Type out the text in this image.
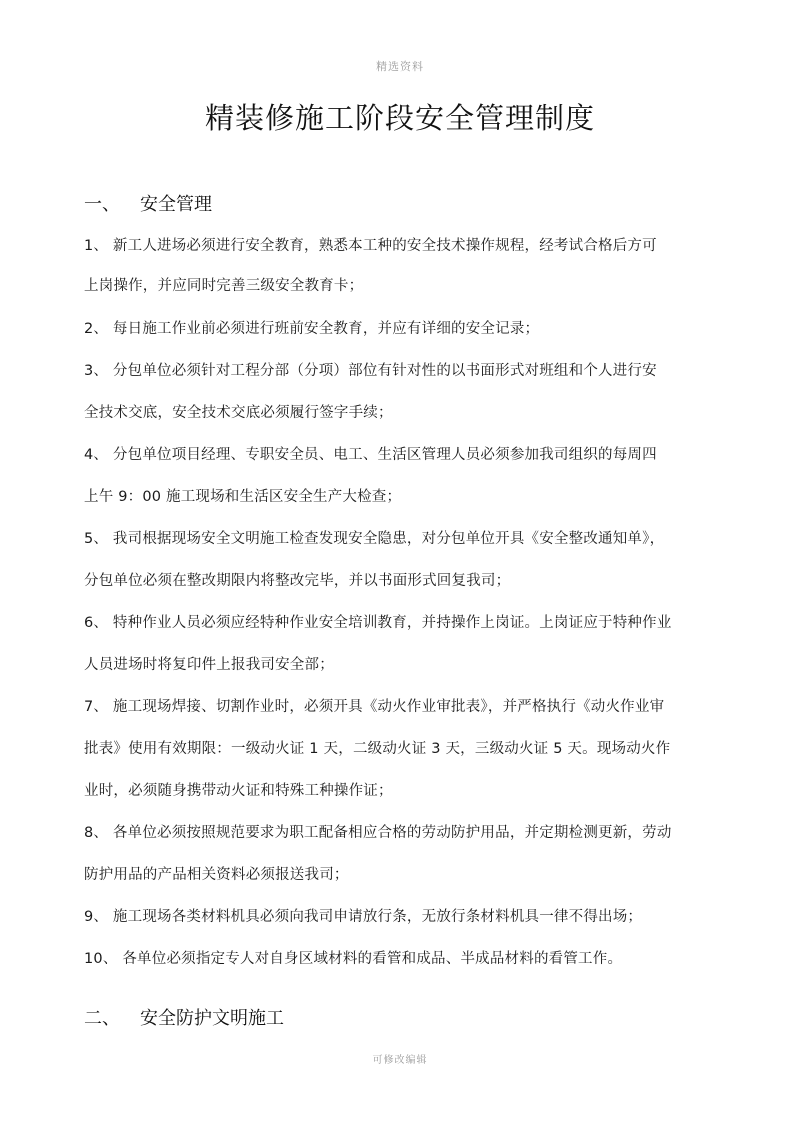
精选资料
精装修施工阶段安全管理制度
一、 安全管理
1、 新工人进场必须进行安全教育，熟悉本工种的安全技术操作规程，经考试合格后方可
上岗操作，并应同时完善三级安全教育卡；
2、 每日施工作业前必须进行班前安全教育，并应有详细的安全记录；
3、 分包单位必须针对工程分部（分项）部位有针对性的以书面形式对班组和个人进行安
全技术交底，安全技术交底必须履行签字手续；
4、 分包单位项目经理、专职安全员、电工、生活区管理人员必须参加我司组织的每周四
上午 9：00 施工现场和生活区安全生产大检查；
5、 我司根据现场安全文明施工检查发现安全隐患，对分包单位开具《安全整改通知单》，
分包单位必须在整改期限内将整改完毕，并以书面形式回复我司；
6、 特种作业人员必须应经特种作业安全培训教育，并持操作上岗证。上岗证应于特种作业
人员进场时将复印件上报我司安全部；
7、 施工现场焊接、切割作业时，必须开具《动火作业审批表》，并严格执行《动火作业审
批表》使用有效期限：一级动火证 1 天，二级动火证 3 天，三级动火证 5 天。现场动火作
业时，必须随身携带动火证和特殊工种操作证；
8、 各单位必须按照规范要求为职工配备相应合格的劳动防护用品，并定期检测更新，劳动
防护用品的产品相关资料必须报送我司；
9、 施工现场各类材料机具必须向我司申请放行条，无放行条材料机具一律不得出场；
10、 各单位必须指定专人对自身区域材料的看管和成品、半成品材料的看管工作。
二、 安全防护文明施工
可修改编辑
